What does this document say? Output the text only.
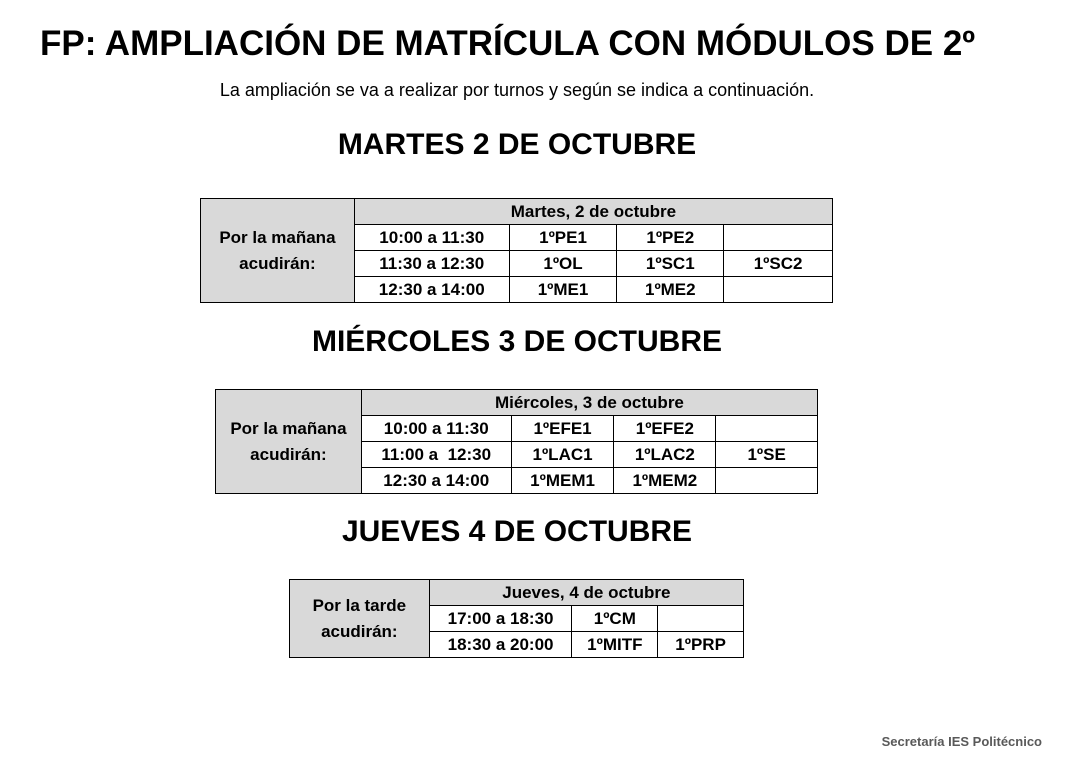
FP: AMPLIACIÓN DE MATRÍCULA CON MÓDULOS DE 2º
La ampliación se va a realizar por turnos y según se indica a continuación.
MARTES 2 DE OCTUBRE
Por la mañana
acudirán:	Martes, 2 de octubre			
	10:00 a 11:30	1ºPE1	1ºPE2	
	11:30 a 12:30	1ºOL	1ºSC1	1ºSC2
	12:30 a 14:00	1ºME1	1ºME2	
MIÉRCOLES 3 DE OCTUBRE
Por la mañana
acudirán:	Miércoles, 3 de octubre			
	10:00 a 11:30	1ºEFE1	1ºEFE2	
	11:00 a  12:30	1ºLAC1	1ºLAC2	1ºSE
	12:30 a 14:00	1ºMEM1	1ºMEM2	
JUEVES 4 DE OCTUBRE
Por la tarde
acudirán:	Jueves, 4 de octubre		
	17:00 a 18:30	1ºCM	
	18:30 a 20:00	1ºMITF	1ºPRP
Secretaría IES Politécnico
